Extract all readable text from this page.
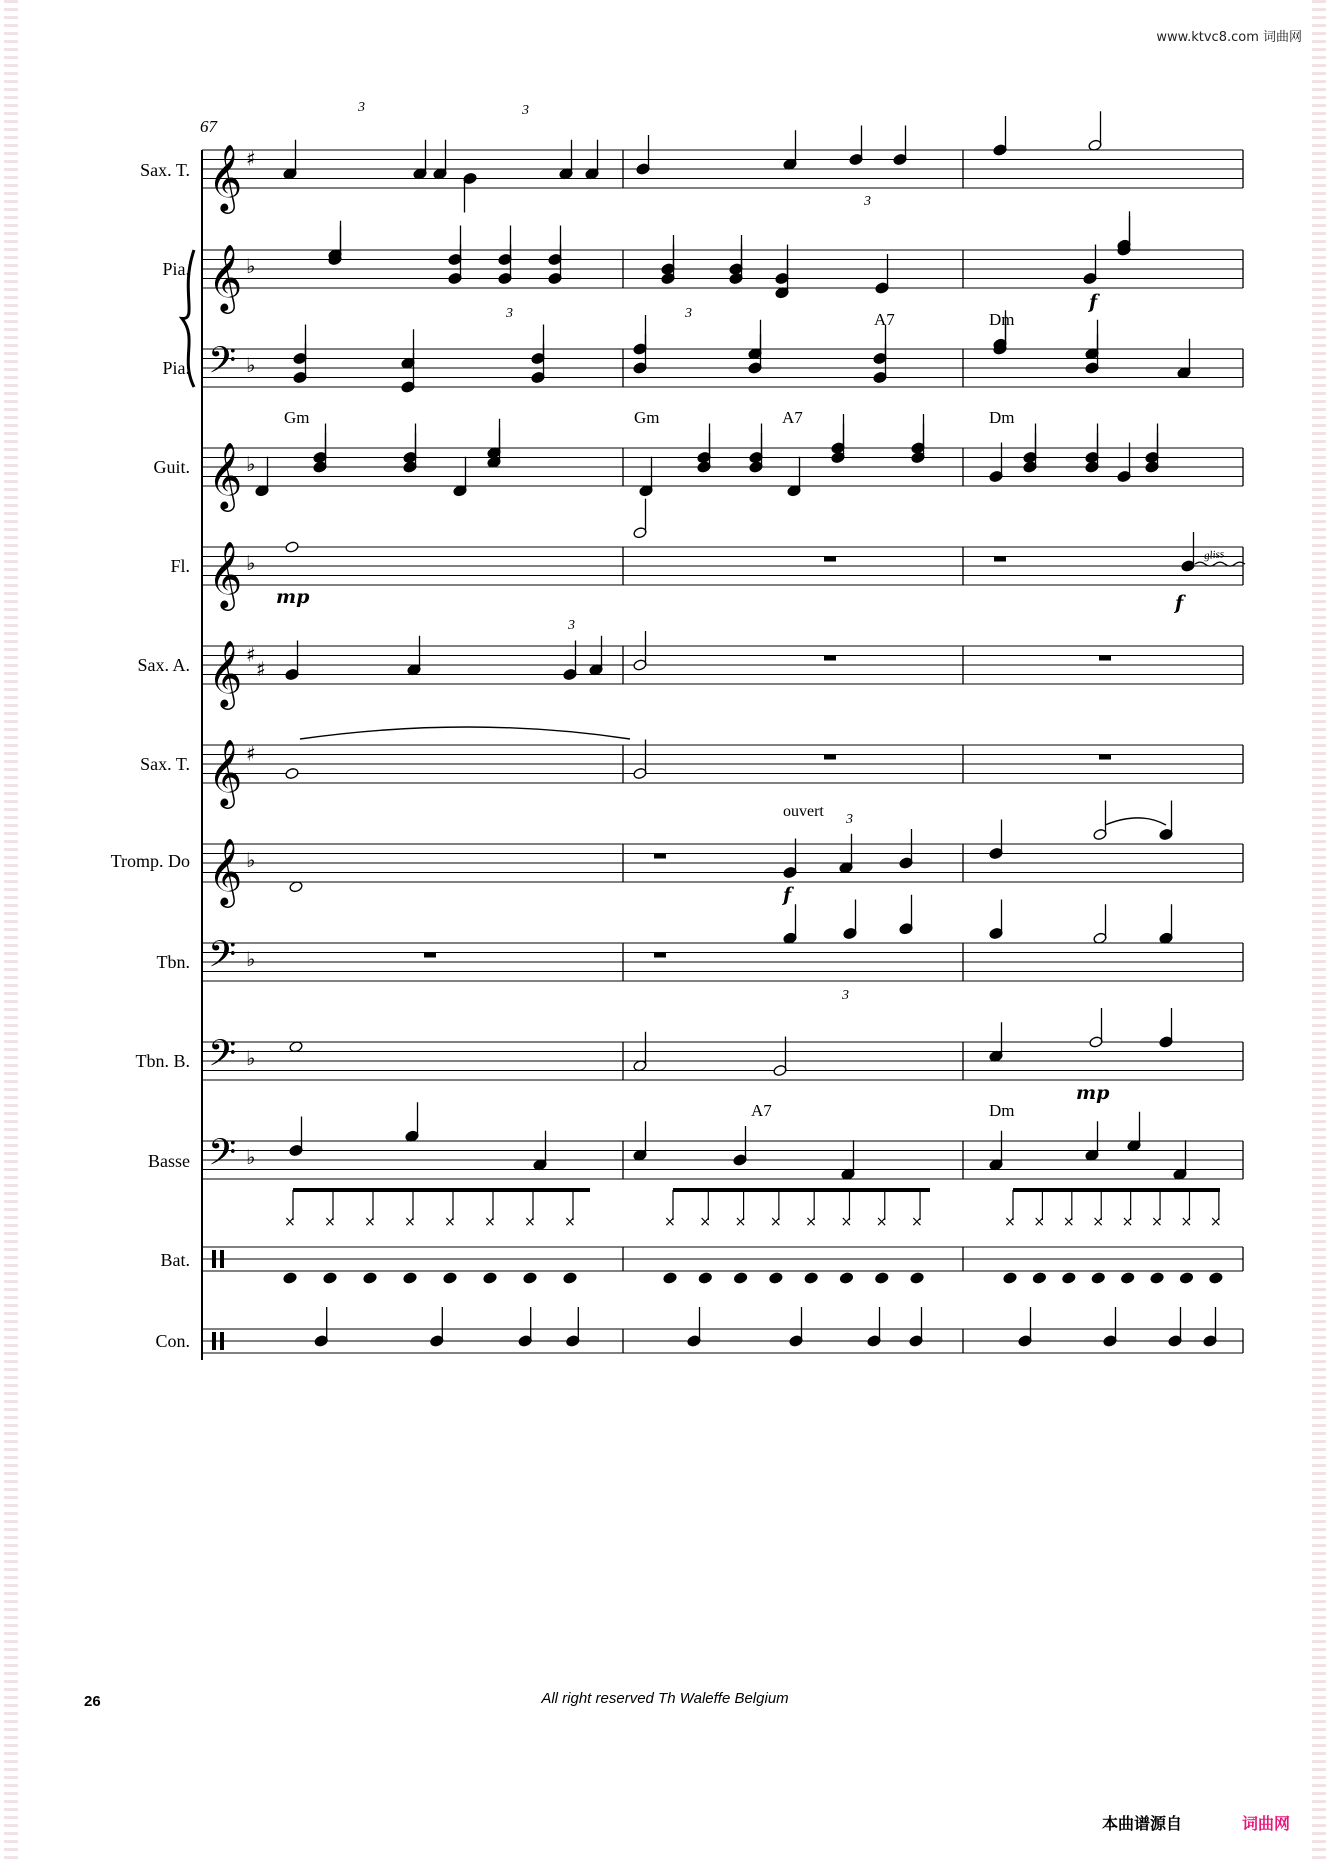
www.ktvc8.com 词曲网
𝄞 ♯
𝄞 ♭
𝄢 ♭
𝄞 ♭
𝄞 ♭
𝄞 ♯
♯
𝄞 ♯
𝄞 ♭
𝄢 ♭
𝄢 ♭
𝄢 ♭
× × × × × × × ×	× × × × × × × ×	× × × × × × × ×
67
Sax. T.
Pia.
Pia.
Guit.
Fl.
Sax. A.
Sax. T.
Tromp. Do
Tbn.
Tbn. B.
Basse
Bat.
Con.
A7	Dm
Gm	Gm	A7	Dm
A7	Dm
f
mp	f
f
mp
ouvert
gliss.
3	3
3
3	3
3
3
3
26	All right reserved Th Waleffe Belgium
本曲谱源自	词曲网
